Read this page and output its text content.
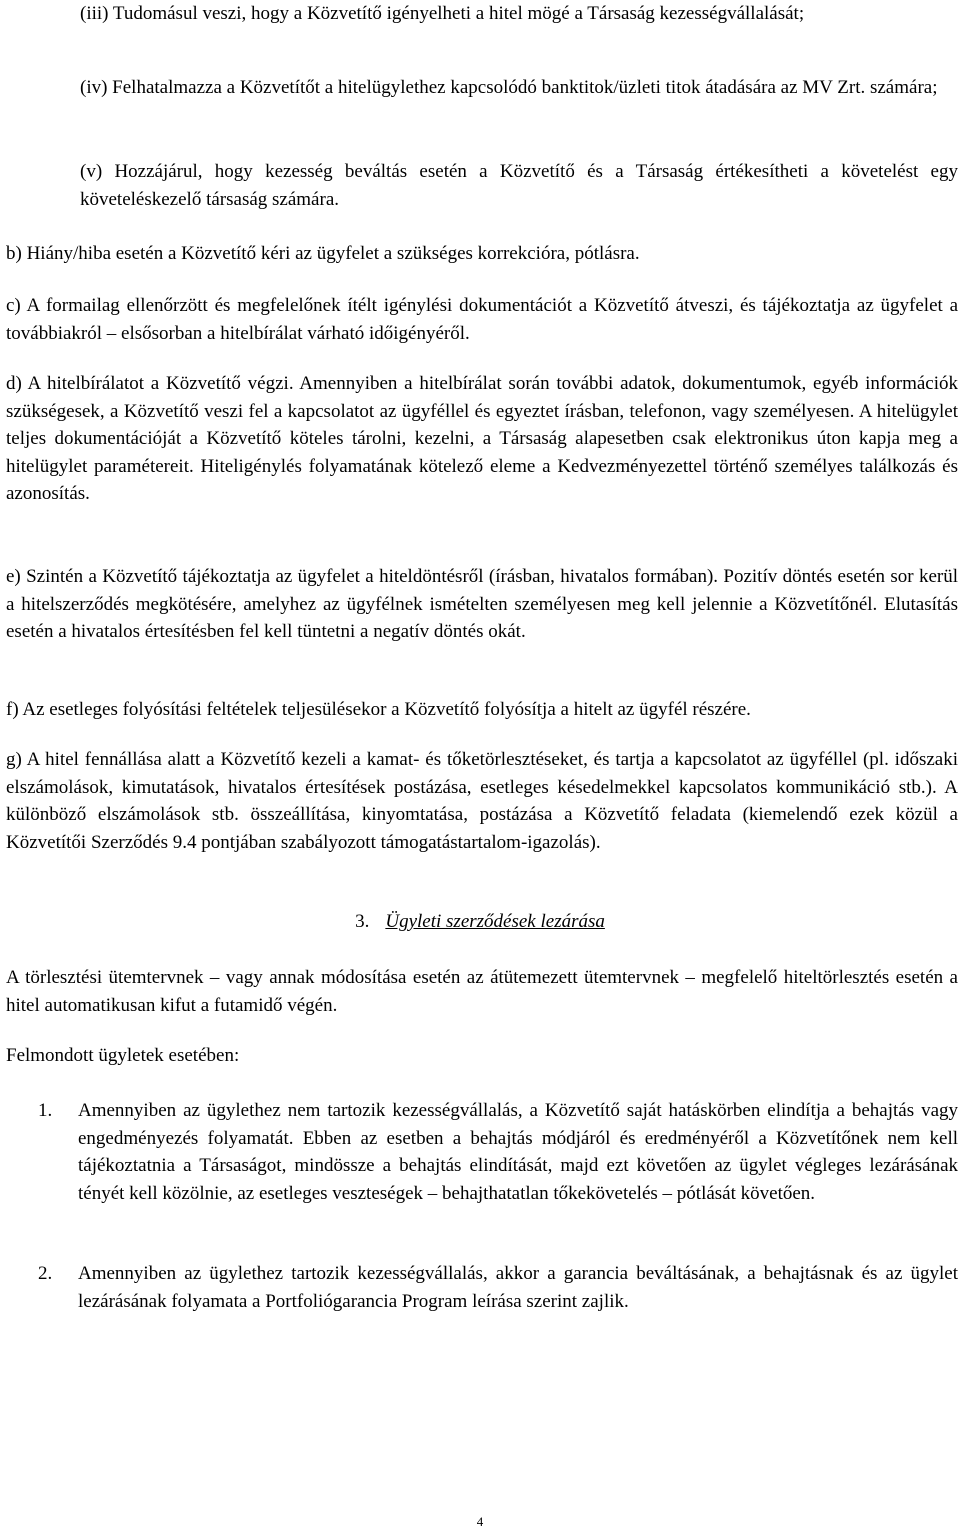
(iii) Tudomásul veszi, hogy a Közvetítő igényelheti a hitel mögé a Társaság kezességvállalását;

(iv) Felhatalmazza a Közvetítőt a hitelügylethez kapcsolódó banktitok/üzleti titok átadására az MV Zrt. számára;

(v) Hozzájárul, hogy kezesség beváltás esetén a Közvetítő és a Társaság értékesítheti a követelést egy követeléskezelő társaság számára.

b) Hiány/hiba esetén a Közvetítő kéri az ügyfelet a szükséges korrekcióra, pótlásra.

c) A formailag ellenőrzött és megfelelőnek ítélt igénylési dokumentációt a Közvetítő átveszi, és tájékoztatja az ügyfelet a továbbiakról – elsősorban a hitelbírálat várható időigényéről.

d) A hitelbírálatot a Közvetítő végzi. Amennyiben a hitelbírálat során további adatok, dokumentumok, egyéb információk szükségesek, a Közvetítő veszi fel a kapcsolatot az ügyféllel és egyeztet írásban, telefonon, vagy személyesen. A hitelügylet teljes dokumentációját a Közvetítő köteles tárolni, kezelni, a Társaság alapesetben csak elektronikus úton kapja meg a hitelügylet paramétereit. Hiteligénylés folyamatának kötelező eleme a Kedvezményezettel történő személyes találkozás és azonosítás.

e) Szintén a Közvetítő tájékoztatja az ügyfelet a hiteldöntésről (írásban, hivatalos formában). Pozitív döntés esetén sor kerül a hitelszerződés megkötésére, amelyhez az ügyfélnek ismételten személyesen meg kell jelennie a Közvetítőnél. Elutasítás esetén a hivatalos értesítésben fel kell tüntetni a negatív döntés okát.

f) Az esetleges folyósítási feltételek teljesülésekor a Közvetítő folyósítja a hitelt az ügyfél részére.

g) A hitel fennállása alatt a Közvetítő kezeli a kamat- és tőketörlesztéseket, és tartja a kapcsolatot az ügyféllel (pl. időszaki elszámolások, kimutatások, hivatalos értesítések postázása, esetleges késedelmekkel kapcsolatos kommunikáció stb.). A különböző elszámolások stb. összeállítása, kinyomtatása, postázása a Közvetítő feladata (kiemelendő ezek közül a Közvetítői Szerződés 9.4 pontjában szabályozott támogatástartalom-igazolás).

3. Ügyleti szerződések lezárása

A törlesztési ütemtervnek – vagy annak módosítása esetén az átütemezett ütemtervnek – megfelelő hiteltörlesztés esetén a hitel automatikusan kifut a futamidő végén.

Felmondott ügyletek esetében:

1. Amennyiben az ügylethez nem tartozik kezességvállalás, a Közvetítő saját hatáskörben elindítja a behajtás vagy engedményezés folyamatát. Ebben az esetben a behajtás módjáról és eredményéről a Közvetítőnek nem kell tájékoztatnia a Társaságot, mindössze a behajtás elindítását, majd ezt követően az ügylet végleges lezárásának tényét kell közölnie, az esetleges veszteségek – behajthatatlan tőkekövetelés – pótlását követően.

2. Amennyiben az ügylethez tartozik kezességvállalás, akkor a garancia beváltásának, a behajtásnak és az ügylet lezárásának folyamata a Portfoliógarancia Program leírása szerint zajlik.

4
